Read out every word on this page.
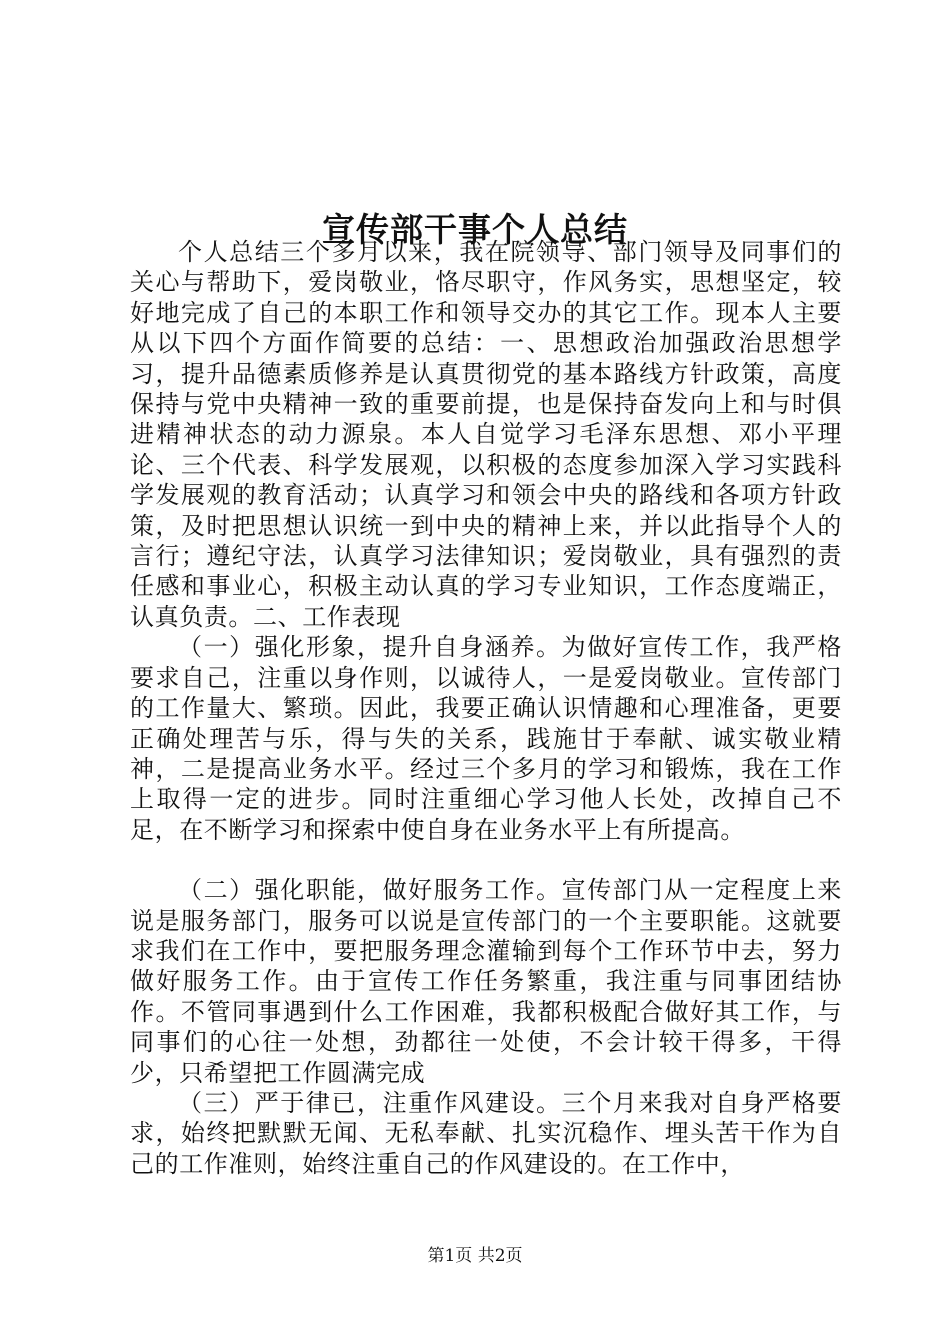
宣传部干事个人总结

个人总结三个多月以来，我在院领导、部门领导及同事们的关心与帮助下，爱岗敬业，恪尽职守，作风务实，思想坚定，较好地完成了自己的本职工作和领导交办的其它工作。现本人主要从以下四个方面作简要的总结：一、思想政治加强政治思想学习，提升品德素质修养是认真贯彻党的基本路线方针政策，高度保持与党中央精神一致的重要前提，也是保持奋发向上和与时俱进精神状态的动力源泉。本人自觉学习毛泽东思想、邓小平理论、三个代表、科学发展观，以积极的态度参加深入学习实践科学发展观的教育活动；认真学习和领会中央的路线和各项方针政策，及时把思想认识统一到中央的精神上来，并以此指导个人的言行；遵纪守法，认真学习法律知识；爱岗敬业，具有强烈的责任感和事业心，积极主动认真的学习专业知识，工作态度端正，认真负责。二、工作表现

（一）强化形象，提升自身涵养。为做好宣传工作，我严格要求自己，注重以身作则，以诚待人，一是爱岗敬业。宣传部门的工作量大、繁琐。因此，我要正确认识情趣和心理准备，更要正确处理苦与乐，得与失的关系，践施甘于奉献、诚实敬业精神，二是提高业务水平。经过三个多月的学习和锻炼，我在工作上取得一定的进步。同时注重细心学习他人长处，改掉自己不足，在不断学习和探索中使自身在业务水平上有所提高。

（二）强化职能，做好服务工作。宣传部门从一定程度上来说是服务部门，服务可以说是宣传部门的一个主要职能。这就要求我们在工作中，要把服务理念灌输到每个工作环节中去，努力做好服务工作。由于宣传工作任务繁重，我注重与同事团结协作。不管同事遇到什么工作困难，我都积极配合做好其工作，与同事们的心往一处想，劲都往一处使，不会计较干得多，干得少，只希望把工作圆满完成

（三）严于律已，注重作风建设。三个月来我对自身严格要求，始终把默默无闻、无私奉献、扎实沉稳作、埋头苦干作为自己的工作准则，始终注重自己的作风建设的。在工作中，

第1页 共2页
